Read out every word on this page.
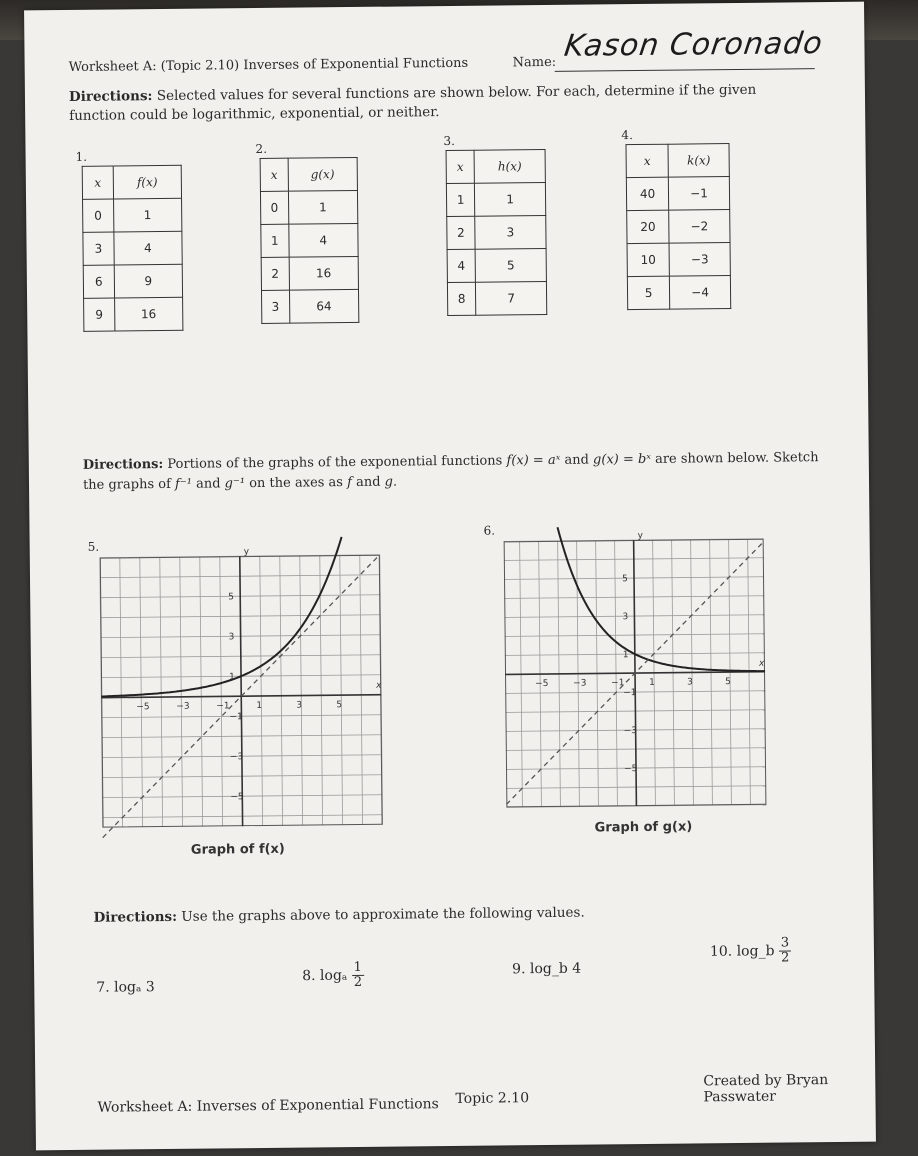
Worksheet A: (Topic 2.10) Inverses of Exponential Functions	Name: Kason Coronado
Directions: Selected values for several functions are shown below. For each, determine if the given function could be logarithmic, exponential, or neither.
1.
x	f(x)
0	1
3	4
6	9
9	16
2.
x	g(x)
0	1
1	4
2	16
3	64
3.
x	h(x)
1	1
2	3
4	5
8	7
4.
x	k(x)
40	−1
20	−2
10	−3
5	−4
Directions: Portions of the graphs of the exponential functions f(x) = aˣ and g(x) = bˣ are shown below. Sketch the graphs of f⁻¹ and g⁻¹ on the axes as f and g.
5.
x
y
−5
−5
−3
−3
−1
−1
1
1
3
3
5
5
Graph of f(x)
6.
x
y
−5
−5
−3
−3
−1
−1
1
1
3
3
5
5
Graph of g(x)
Directions: Use the graphs above to approximate the following values.
7. logₐ 3
8. logₐ $\frac{1}{2}$	9. log_b 4
10. log_b $\frac{3}{2}$
Worksheet A: Inverses of Exponential Functions Topic 2.10
Created by Bryan Passwater
